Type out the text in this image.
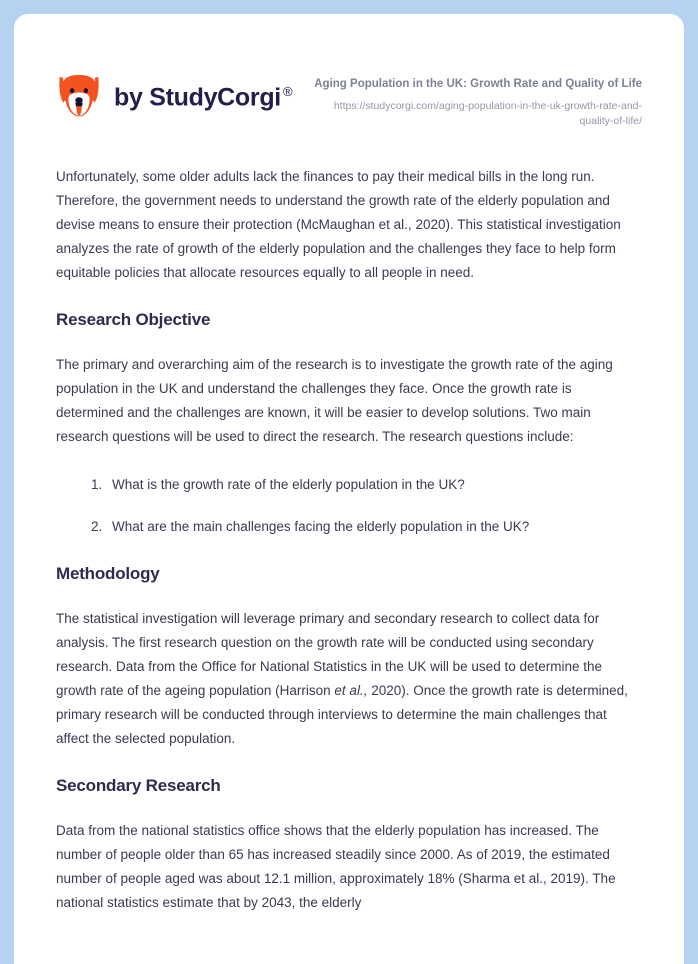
by StudyCorgi ®

Aging Population in the UK: Growth Rate and Quality of Life

https://studycorgi.com/aging-population-in-the-uk-growth-rate-and-quality-of-life/

Unfortunately, some older adults lack the finances to pay their medical bills in the long run. Therefore, the government needs to understand the growth rate of the elderly population and devise means to ensure their protection (McMaughan et al., 2020). This statistical investigation analyzes the rate of growth of the elderly population and the challenges they face to help form equitable policies that allocate resources equally to all people in need.

Research Objective

The primary and overarching aim of the research is to investigate the growth rate of the aging population in the UK and understand the challenges they face. Once the growth rate is determined and the challenges are known, it will be easier to develop solutions. Two main research questions will be used to direct the research. The research questions include:

1. What is the growth rate of the elderly population in the UK?
2. What are the main challenges facing the elderly population in the UK?
Methodology

The statistical investigation will leverage primary and secondary research to collect data for analysis. The first research question on the growth rate will be conducted using secondary research. Data from the Office for National Statistics in the UK will be used to determine the growth rate of the ageing population (Harrison et al., 2020). Once the growth rate is determined, primary research will be conducted through interviews to determine the main challenges that affect the selected population.

Secondary Research

Data from the national statistics office shows that the elderly population has increased. The number of people older than 65 has increased steadily since 2000. As of 2019, the estimated number of people aged was about 12.1 million, approximately 18% (Sharma et al., 2019). The national statistics estimate that by 2043, the elderly
